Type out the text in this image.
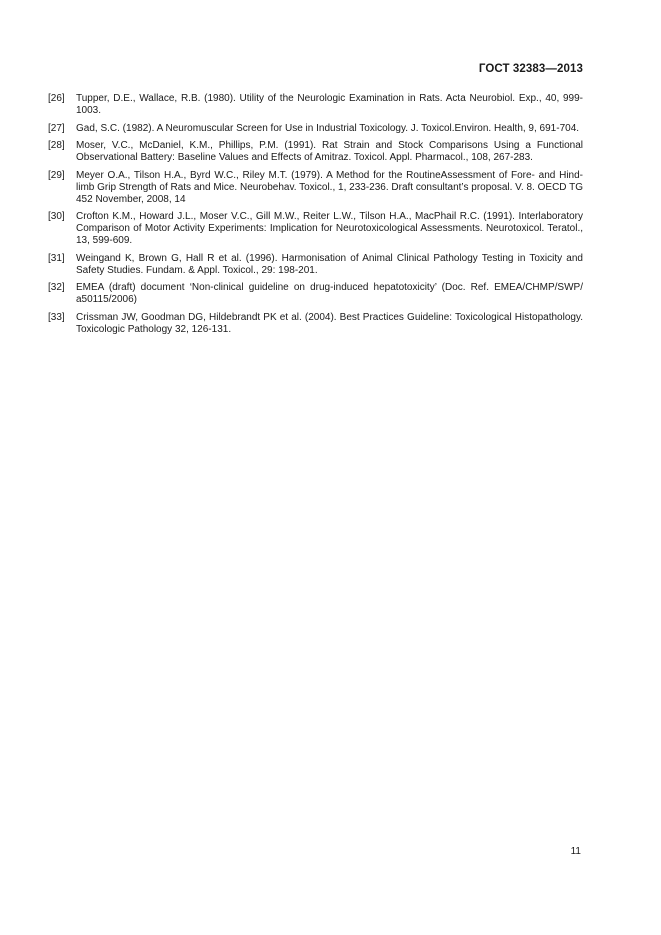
ГОСТ 32383—2013
[26]	Tupper, D.E., Wallace, R.B. (1980). Utility of the Neurologic Examination in Rats. Acta Neurobiol. Exp., 40, 999-1003.
[27]	Gad, S.C. (1982). A Neuromuscular Screen for Use in Industrial Toxicology. J. Toxicol.Environ. Health, 9, 691-704.
[28]	Moser, V.C., McDaniel, K.M., Phillips, P.M. (1991). Rat Strain and Stock Comparisons Using a Functional Observational Battery: Baseline Values and Effects of Amitraz. Toxicol. Appl. Pharmacol., 108, 267-283.
[29]	Meyer O.A., Tilson H.A., Byrd W.C., Riley M.T. (1979). A Method for the RoutineAssessment of Fore- and Hind-limb Grip Strength of Rats and Mice. Neurobehav. Toxicol., 1, 233-236. Draft consultant’s proposal. V. 8. OECD TG 452 November, 2008, 14
[30]	Crofton K.M., Howard J.L., Moser V.C., Gill M.W., Reiter L.W., Tilson H.A., MacPhail R.C. (1991). Interlaboratory Comparison of Motor Activity Experiments: Implication for Neurotoxicological Assessments. Neurotoxicol. Teratol., 13, 599-609.
[31]	Weingand K, Brown G, Hall R et al. (1996). Harmonisation of Animal Clinical Pathology Testing in Toxicity and Safety Studies. Fundam. & Appl. Toxicol., 29: 198-201.
[32]	EMEA (draft) document ‘Non-clinical guideline on drug-induced hepatotoxicity’ (Doc. Ref. EMEA/CHMP/SWP/ a50115/2006)
[33]	Crissman JW, Goodman DG, Hildebrandt PK et al. (2004). Best Practices Guideline: Toxicological Histopathology. Toxicologic Pathology 32, 126-131.
11
